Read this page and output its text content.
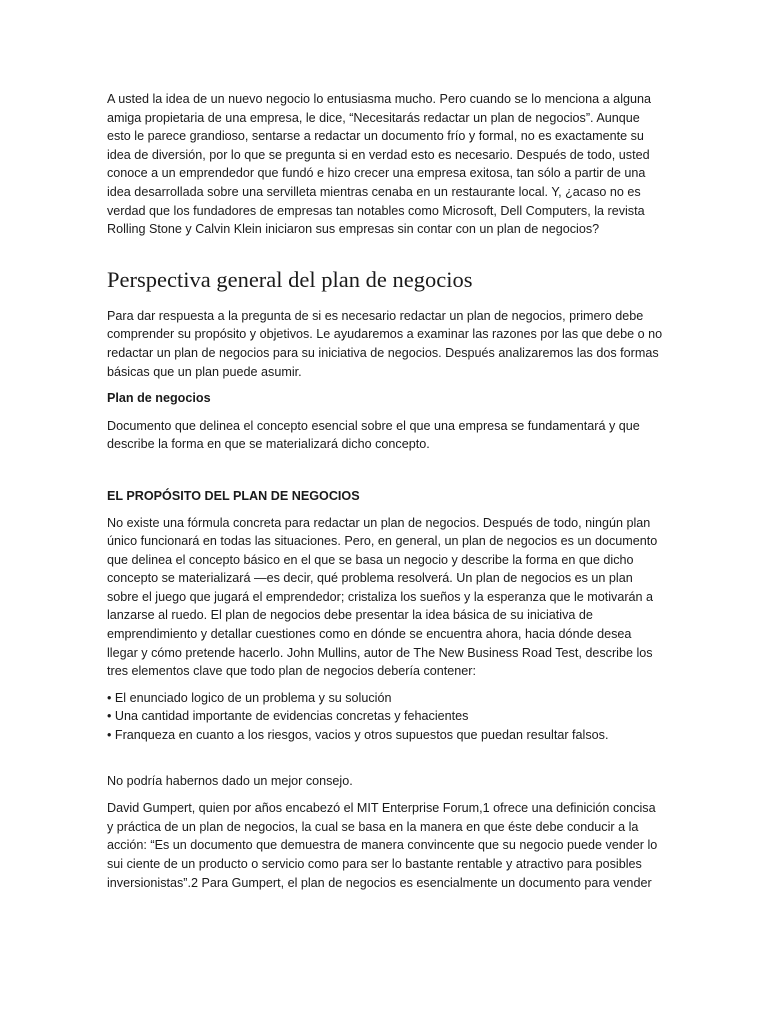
A usted la idea de un nuevo negocio lo entusiasma mucho. Pero cuando se lo menciona a alguna amiga propietaria de una empresa, le dice, “Necesitarás redactar un plan de negocios”. Aunque esto le parece grandioso, sentarse a redactar un documento frío y formal, no es exactamente su idea de diversión, por lo que se pregunta si en verdad esto es necesario. Después de todo, usted conoce a un emprendedor que fundó e hizo crecer una empresa exitosa, tan sólo a partir de una idea desarrollada sobre una servilleta mientras cenaba en un restaurante local. Y, ¿acaso no es verdad que los fundadores de empresas tan notables como Microsoft, Dell Computers, la revista Rolling Stone y Calvin Klein iniciaron sus empresas sin contar con un plan de negocios?

Perspectiva general del plan de negocios

Para dar respuesta a la pregunta de si es necesario redactar un plan de negocios, primero debe comprender su propósito y objetivos. Le ayudaremos a examinar las razones por las que debe o no redactar un plan de negocios para su iniciativa de negocios. Después analizaremos las dos formas básicas que un plan puede asumir.

Plan de negocios

Documento que delinea el concepto esencial sobre el que una empresa se fundamentará y que describe la forma en que se materializará dicho concepto.

EL PROPÓSITO DEL PLAN DE NEGOCIOS

No existe una fórmula concreta para redactar un plan de negocios. Después de todo, ningún plan único funcionará en todas las situaciones. Pero, en general, un plan de negocios es un documento que delinea el concepto básico en el que se basa un negocio y describe la forma en que dicho concepto se materializará —es decir, qué problema resolverá. Un plan de negocios es un plan sobre el juego que jugará el emprendedor; cristaliza los sueños y la esperanza que le motivarán a lanzarse al ruedo. El plan de negocios debe presentar la idea básica de su iniciativa de emprendimiento y detallar cuestiones como en dónde se encuentra ahora, hacia dónde desea llegar y cómo pretende hacerlo. John Mullins, autor de The New Business Road Test, describe los tres elementos clave que todo plan de negocios debería contener:

• El enunciado logico de un problema y su solución
• Una cantidad importante de evidencias concretas y fehacientes
• Franqueza en cuanto a los riesgos, vacios y otros supuestos que puedan resultar falsos.

No podría habernos dado un mejor consejo.

David Gumpert, quien por años encabezó el MIT Enterprise Forum,1 ofrece una definición concisa y práctica de un plan de negocios, la cual se basa en la manera en que éste debe conducir a la acción: “Es un documento que demuestra de manera convincente que su negocio puede vender lo sui ciente de un producto o servicio como para ser lo bastante rentable y atractivo para posibles inversionistas”.2 Para Gumpert, el plan de negocios es esencialmente un documento para vender
